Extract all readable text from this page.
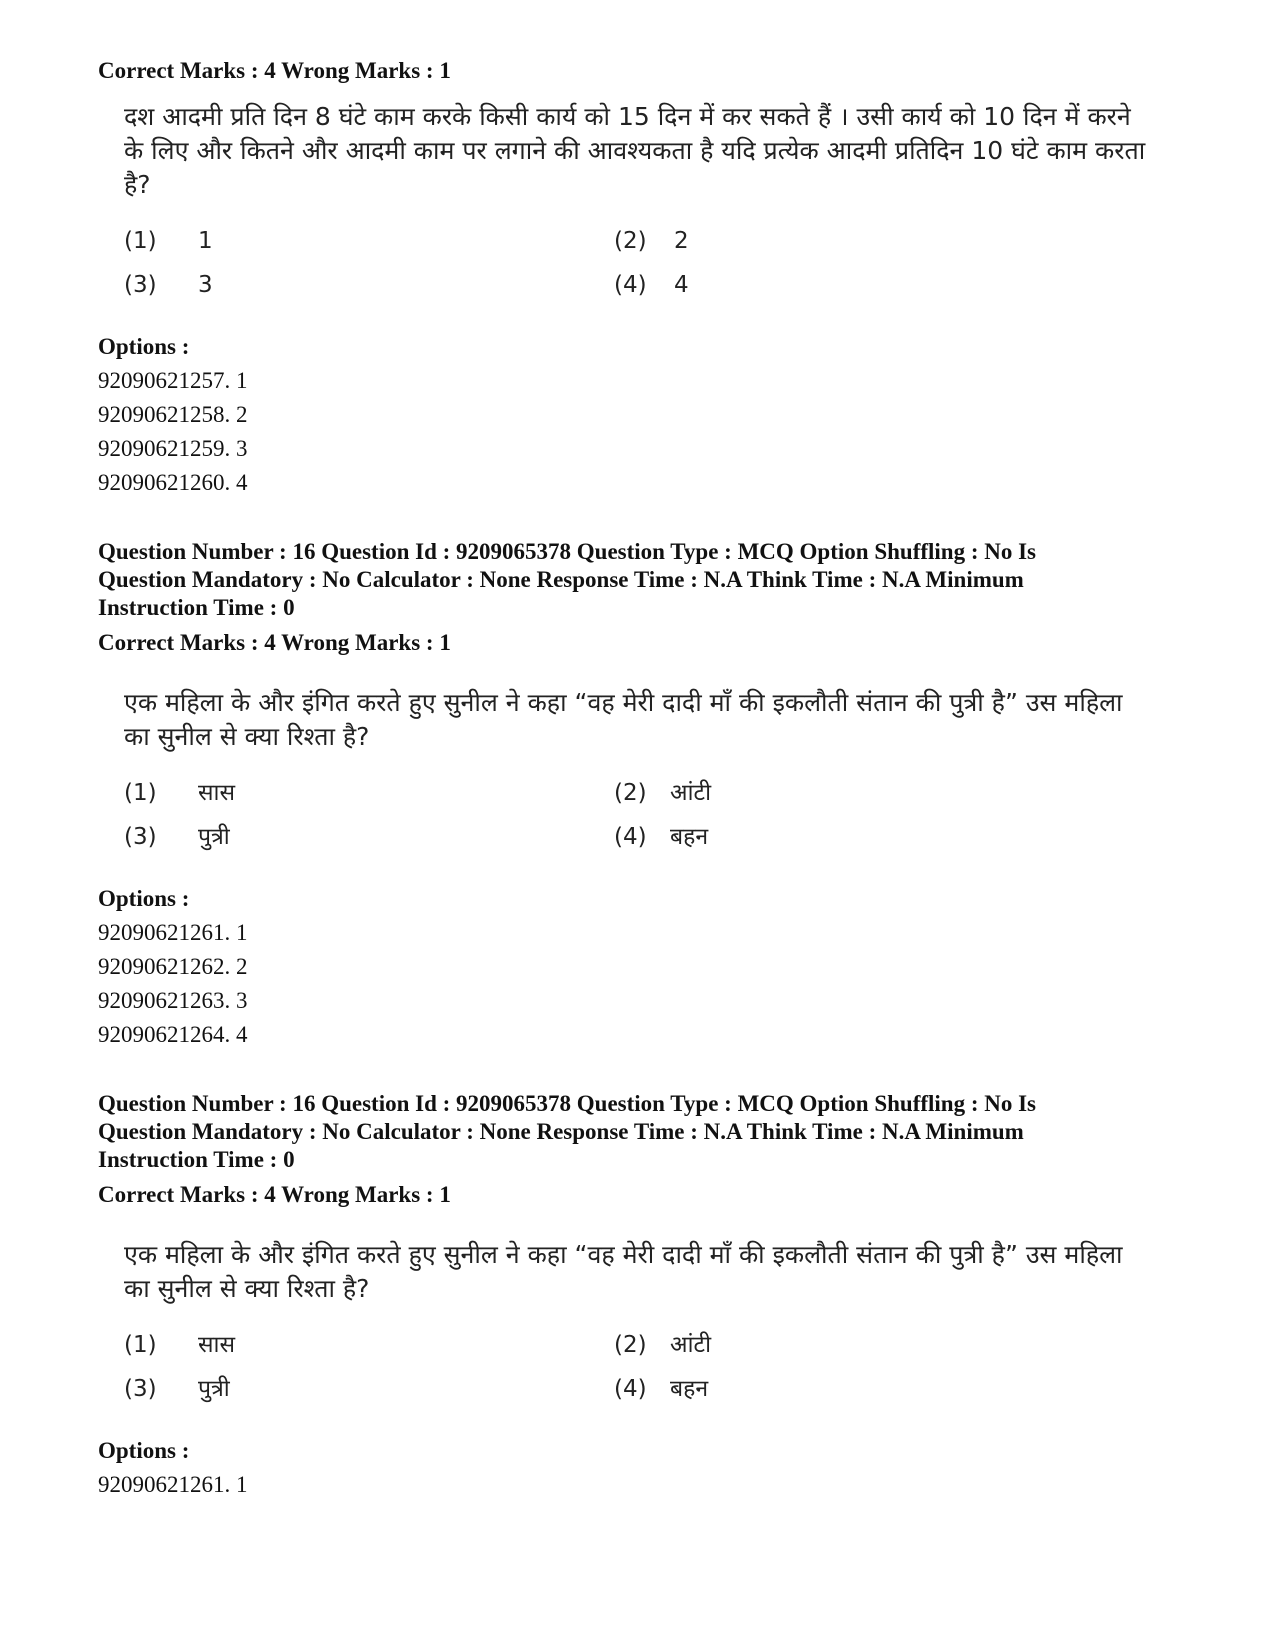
Correct Marks : 4 Wrong Marks : 1

दश आदमी प्रति दिन 8 घंटे काम करके किसी कार्य को 15 दिन में कर सकते हैं । उसी कार्य को 10 दिन में करने के लिए और कितने और आदमी काम पर लगाने की आवश्यकता है यदि प्रत्येक आदमी प्रतिदिन 10 घंटे काम करता है?

(1)	1	(2)	2
(3)	3	(4)	4

Options :

92090621257. 1

92090621258. 2

92090621259. 3

92090621260. 4

Question Number : 16 Question Id : 9209065378 Question Type : MCQ Option Shuffling : No Is

Question Mandatory : No Calculator : None Response Time : N.A Think Time : N.A Minimum

Instruction Time : 0

Correct Marks : 4 Wrong Marks : 1

एक महिला के और इंगित करते हुए सुनील ने कहा “वह मेरी दादी माँ की इकलौती संतान की पुत्री है” उस महिला का सुनील से क्या रिश्ता है?

(1)	सास	(2)	आंटी
(3)	पुत्री	(4)	बहन

Options :

92090621261. 1

92090621262. 2

92090621263. 3

92090621264. 4

Question Number : 16 Question Id : 9209065378 Question Type : MCQ Option Shuffling : No Is

Question Mandatory : No Calculator : None Response Time : N.A Think Time : N.A Minimum

Instruction Time : 0

Correct Marks : 4 Wrong Marks : 1

एक महिला के और इंगित करते हुए सुनील ने कहा “वह मेरी दादी माँ की इकलौती संतान की पुत्री है” उस महिला का सुनील से क्या रिश्ता है?

(1)	सास	(2)	आंटी
(3)	पुत्री	(4)	बहन

Options :

92090621261. 1
